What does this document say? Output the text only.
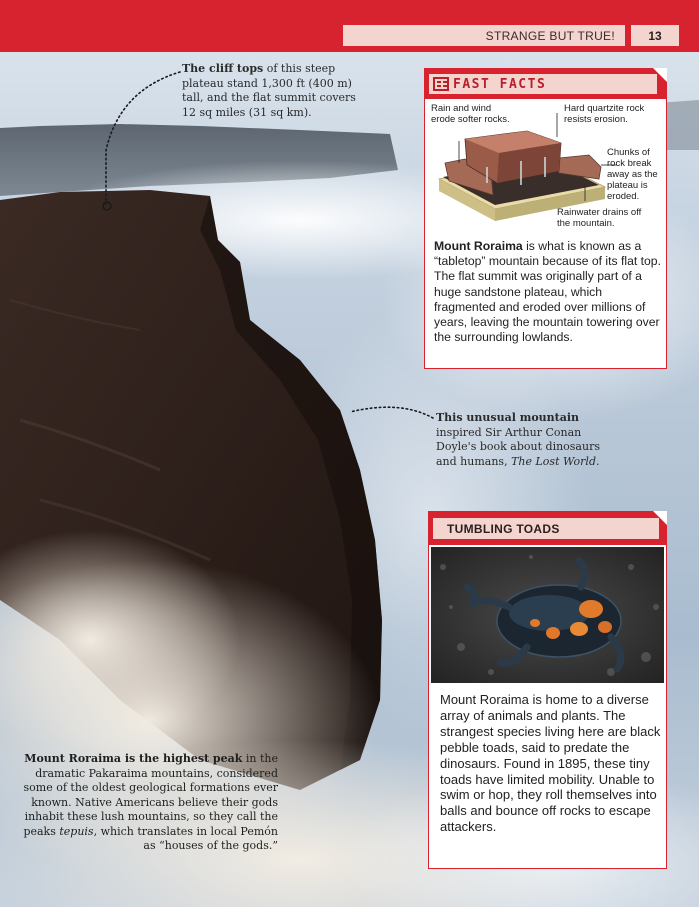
STRANGE BUT TRUE!	13
The cliff tops of this steep plateau stand 1,300 ft (400 m) tall, and the flat summit covers 12 sq miles (31 sq km).
This unusual mountain inspired Sir Arthur Conan Doyle's book about dinosaurs and humans, The Lost World.
Mount Roraima is the highest peak in the dramatic Pakaraima mountains, considered some of the oldest geological formations ever known. Native Americans believe their gods inhabit these lush mountains, so they call the peaks tepuis, which translates in local Pemón as “houses of the gods.”
FAST FACTS
Rain and wind erode softer rocks.
Hard quartzite rock resists erosion.
Chunks of rock break away as the plateau is eroded.
Rainwater drains off the mountain.
Mount Roraima is what is known as a “tabletop” mountain because of its flat top. The flat summit was originally part of a huge sandstone plateau, which fragmented and eroded over millions of years, leaving the mountain towering over the surrounding lowlands.
TUMBLING TOADS
Mount Roraima is home to a diverse array of animals and plants. The strangest species living here are black pebble toads, said to predate the dinosaurs. Found in 1895, these tiny toads have limited mobility. Unable to swim or hop, they roll themselves into balls and bounce off rocks to escape attackers.
